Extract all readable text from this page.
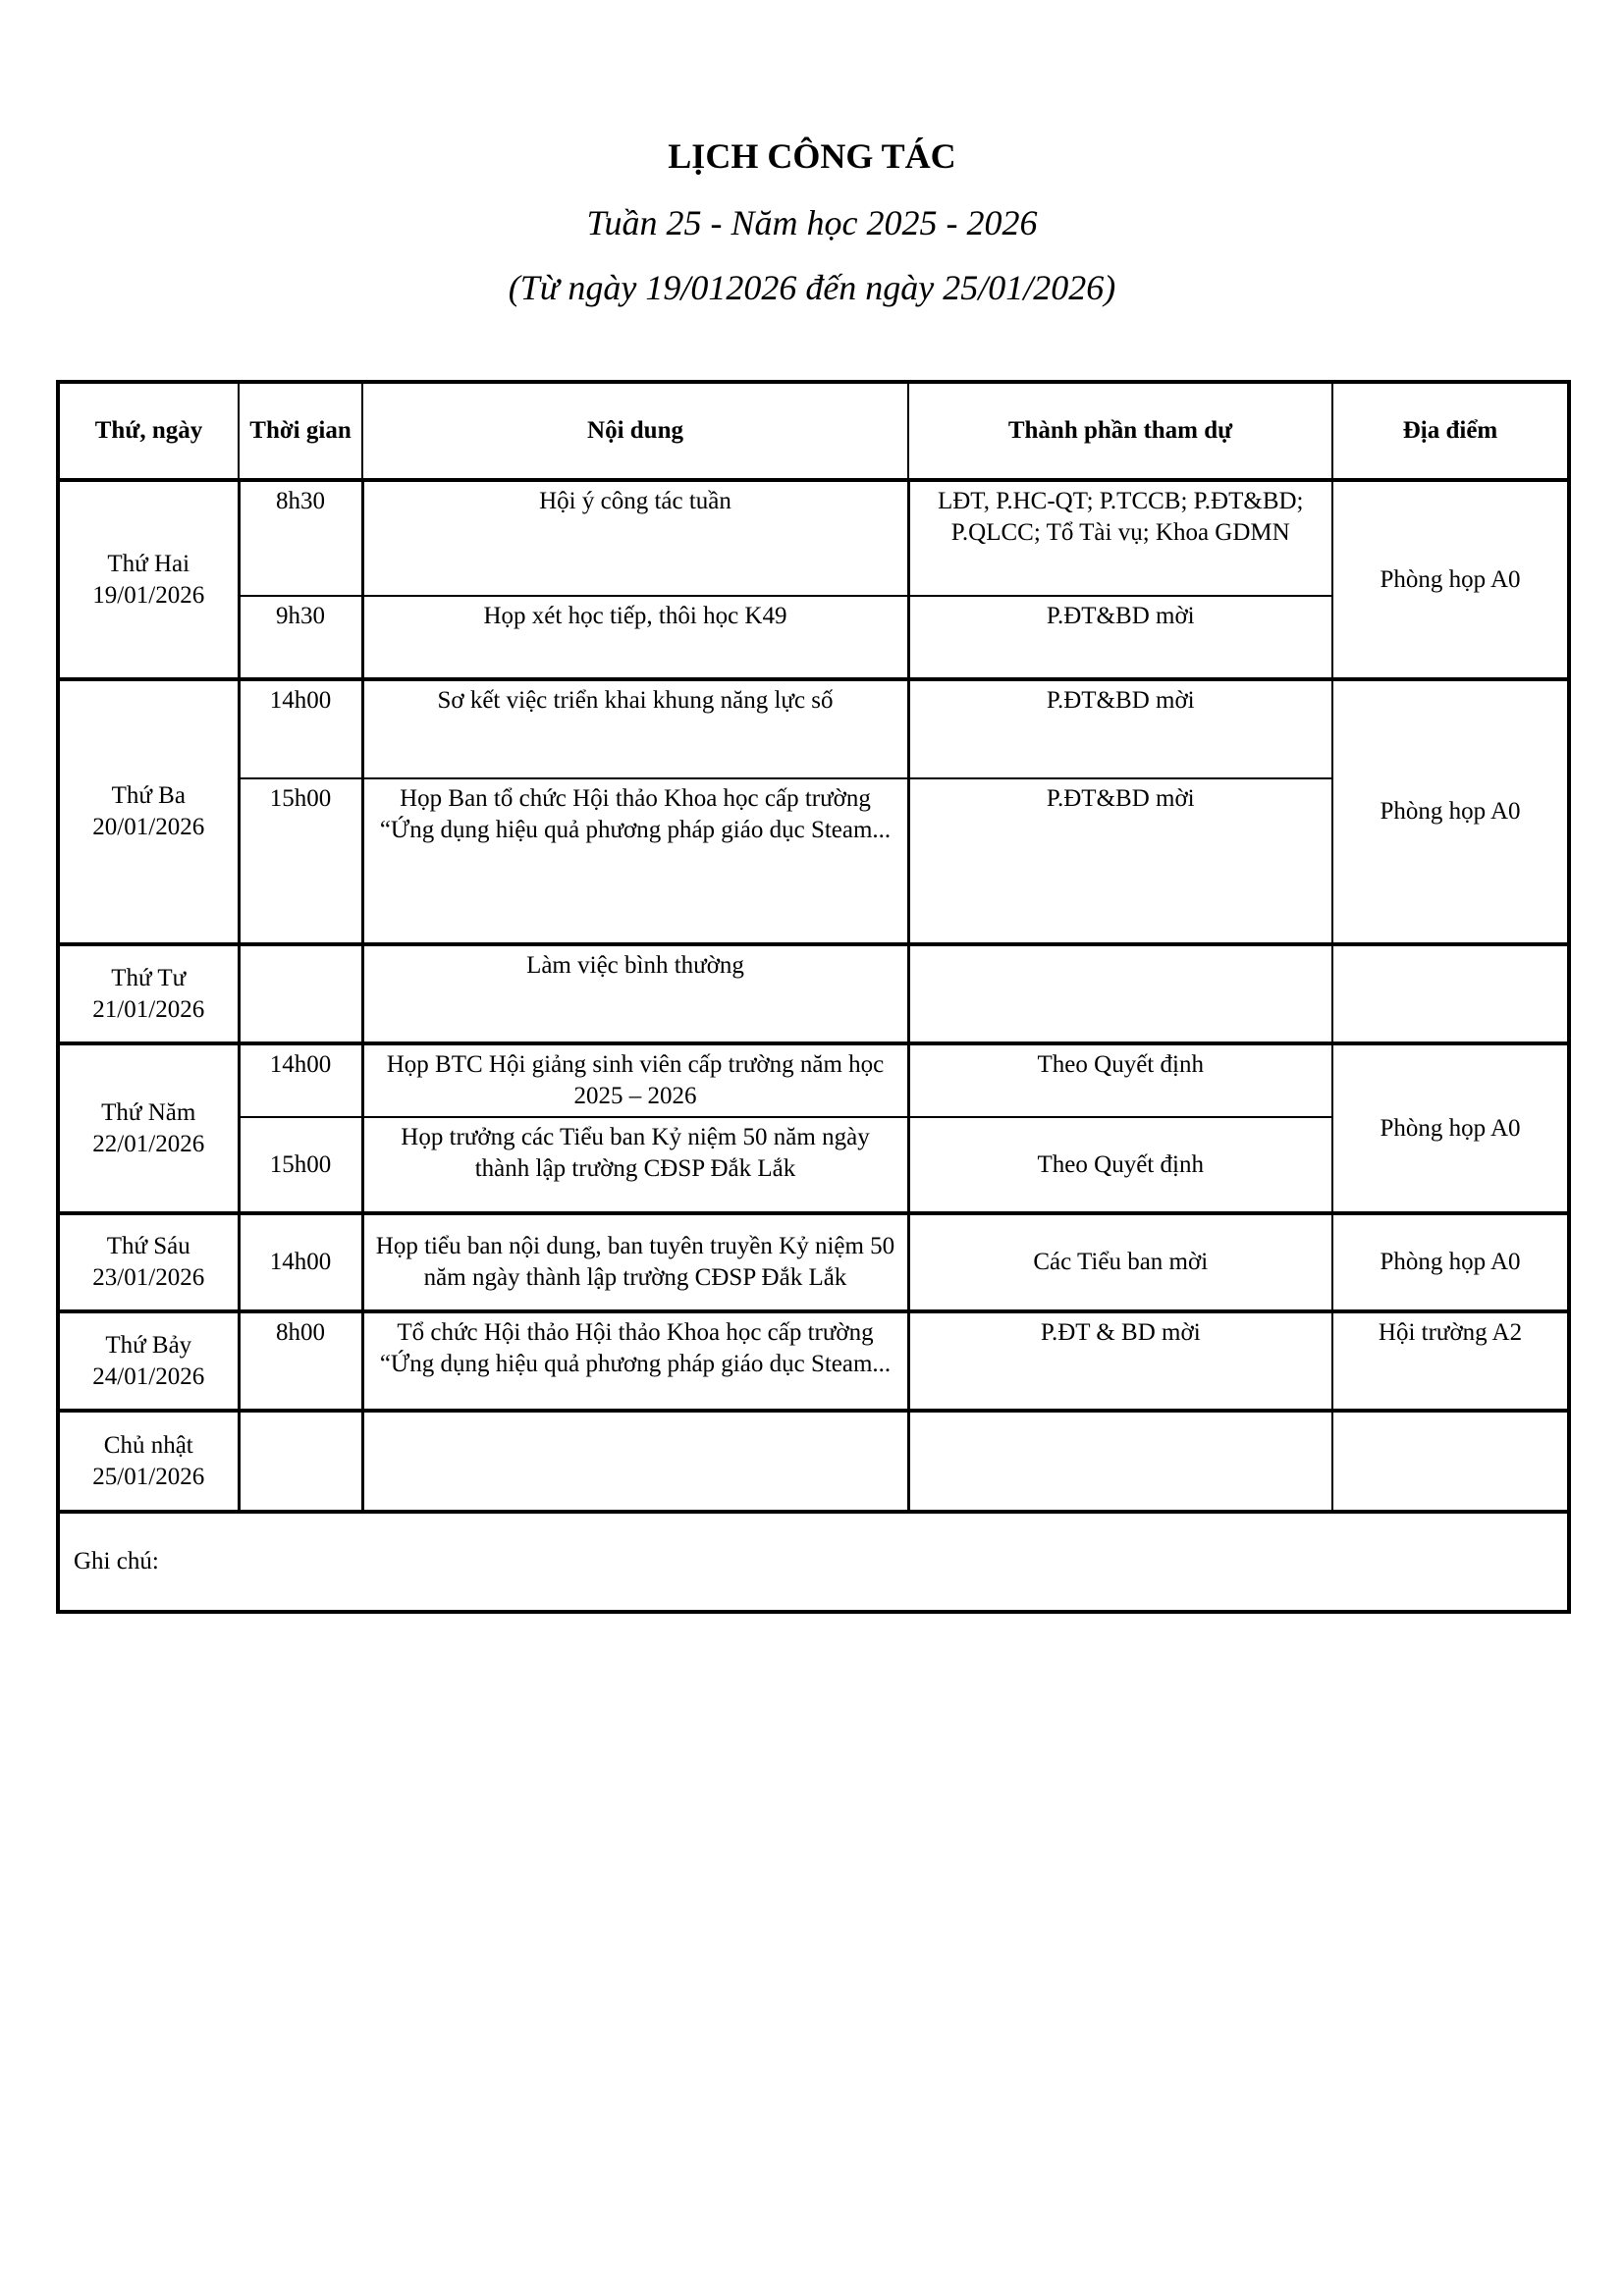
LỊCH CÔNG TÁC
Tuần 25 - Năm học 2025 - 2026
(Từ ngày 19/012026 đến ngày 25/01/2026)
Thứ, ngày	Thời gian	Nội dung	Thành phần tham dự	Địa điểm

Thứ Hai
19/01/2026	8h30	Hội ý công tác tuần	LĐT, P.HC-QT; P.TCCB; P.ĐT&BD; P.QLCC; Tổ Tài vụ; Khoa GDMN	Phòng họp A0
	9h30	Họp xét học tiếp, thôi học K49	P.ĐT&BD mời	

Thứ Ba
20/01/2026	14h00	Sơ kết việc triển khai khung năng lực số	P.ĐT&BD mời	Phòng họp A0
	15h00	Họp Ban tổ chức Hội thảo Khoa học cấp trường “Ứng dụng hiệu quả phương pháp giáo dục Steam...	P.ĐT&BD mời	

Thứ Tư
21/01/2026		Làm việc bình thường		

Thứ Năm
22/01/2026	14h00	Họp BTC Hội giảng sinh viên cấp trường năm học 2025 – 2026	Theo Quyết định	Phòng họp A0
	15h00	Họp trưởng các Tiểu ban Kỷ niệm 50 năm ngày thành lập trường CĐSP Đắk Lắk	Theo Quyết định	

Thứ Sáu
23/01/2026	14h00	Họp tiểu ban nội dung, ban tuyên truyền Kỷ niệm 50 năm ngày thành lập trường CĐSP Đắk Lắk	Các Tiểu ban mời	Phòng họp A0

Thứ Bảy
24/01/2026	8h00	Tổ chức Hội thảo Hội thảo Khoa học cấp trường “Ứng dụng hiệu quả phương pháp giáo dục Steam...	P.ĐT & BD mời	Hội trường A2

Chủ nhật
25/01/2026				

Ghi chú:				
